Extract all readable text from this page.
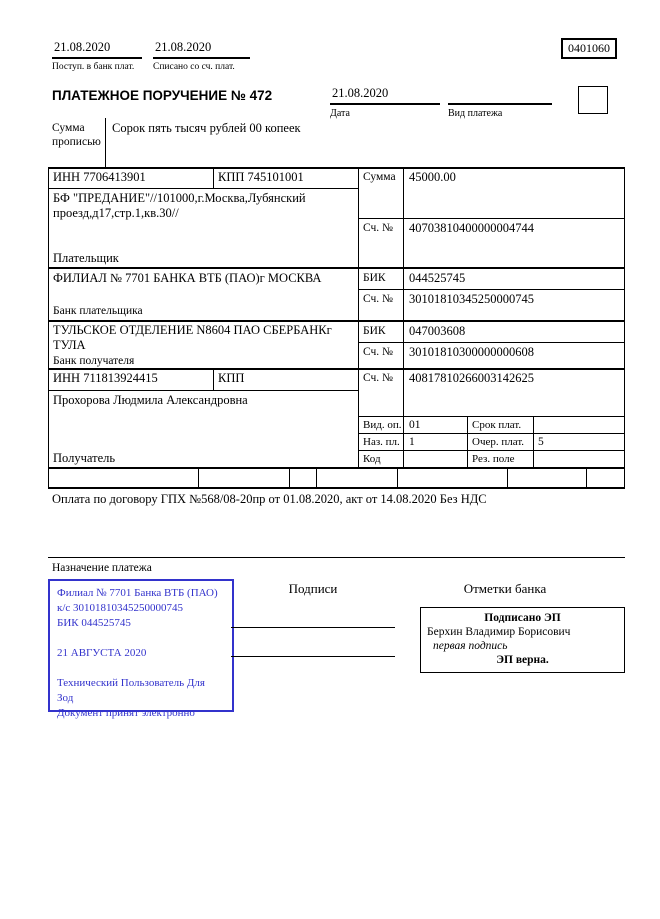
21.08.2020
Поступ. в банк плат.
21.08.2020
Списано со сч. плат.
0401060
ПЛАТЕЖНОЕ ПОРУЧЕНИЕ № 472	21.08.2020
Дата	Вид платежа
Сумма прописью
Сорок пять тысяч рублей 00 копеек
ИНН 7706413901	КПП 745101001	Сумма 45000.00
БФ "ПРЕДАНИЕ"//101000,г.Москва,Лубянский проезд,д17,стр.1,кв.30//
Сч. № 40703810400000004744
Плательщик
ФИЛИАЛ № 7701 БАНКА ВТБ (ПАО)г МОСКВА	БИК 044525745
Сч. № 30101810345250000745
Банк плательщика
ТУЛЬСКОЕ ОТДЕЛЕНИЕ N8604 ПАО СБЕРБАНКг ТУЛА
БИК 047003608
Сч. № 30101810300000000608
Банк получателя
ИНН 711813924415	КПП	Сч. № 40817810266003142625
Прохорова Людмила Александровна
Получатель
Вид. оп. 01	Срок плат.
Наз. пл. 1	Очер. плат. 5
Код	Рез. поле
Оплата по договору ГПХ №568/08-20пр от 01.08.2020, акт от 14.08.2020 Без НДС
Назначение платежа
Филиал № 7701 Банка ВТБ (ПАО)
к/с 30101810345250000745
БИК 044525745
21 АВГУСТА 2020
Технический Пользователь Для Зод
Документ принят электронно
Подписи	Отметки банка
Подписано ЭП
Берхин Владимир Борисович
первая подпись
ЭП верна.
